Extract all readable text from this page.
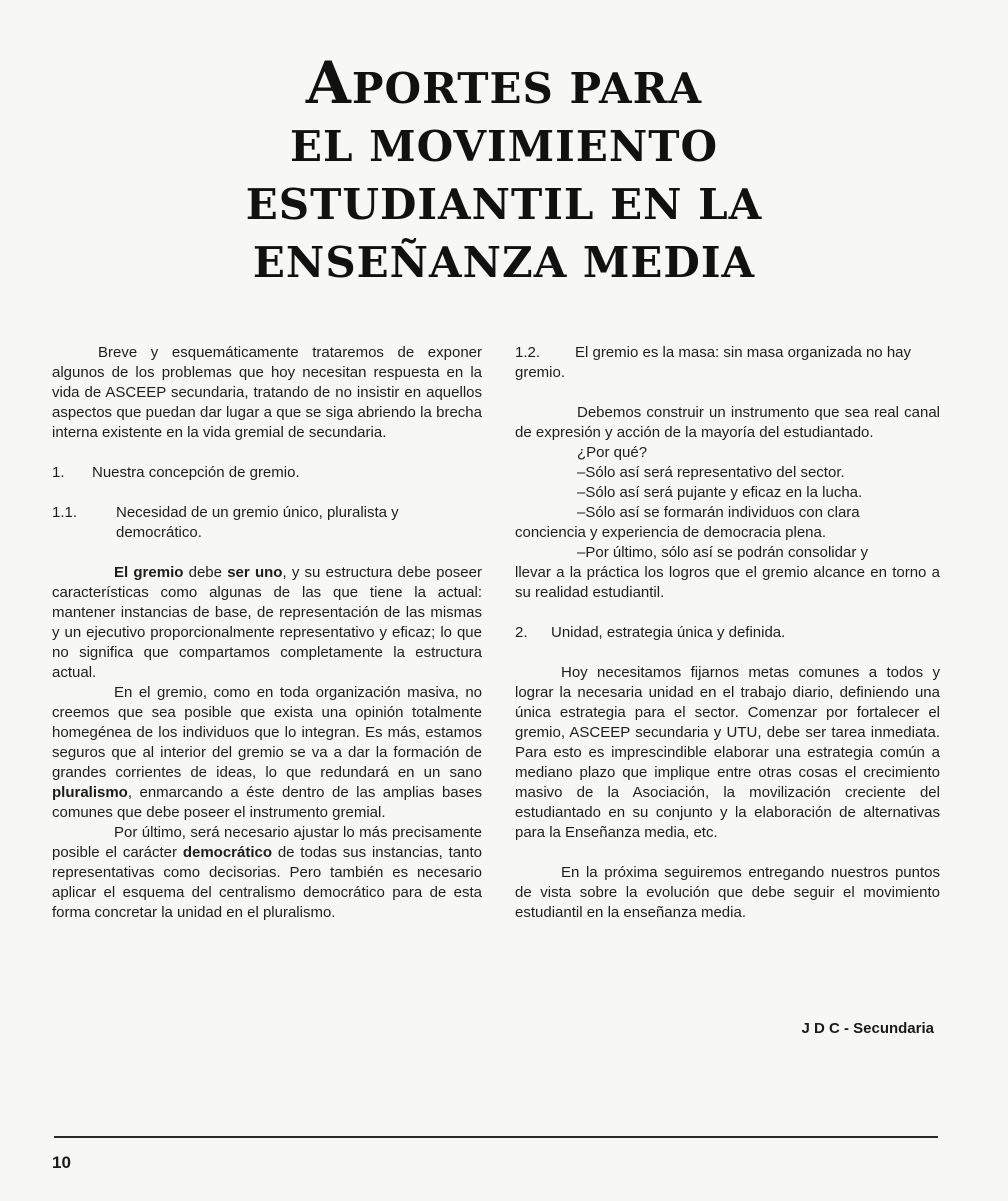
APORTES PARA
EL MOVIMIENTO
ESTUDIANTIL EN LA
ENSEÑANZA MEDIA

Breve y esquemáticamente trataremos de exponer algunos de los problemas que hoy necesitan respuesta en la vida de ASCEEP secundaria, tratando de no insistir en aquellos aspectos que puedan dar lugar a que se siga abriendo la brecha interna existente en la vida gremial de secundaria.

1.	Nuestra concepción de gremio.
1.1.	Necesidad de un gremio único, pluralista y democrático.

El gremio debe ser uno, y su estructura debe poseer características como algunas de las que tiene la actual: mantener instancias de base, de representación de las mismas y un ejecutivo proporcionalmente representativo y eficaz; lo que no significa que compartamos completamente la estructura actual.

En el gremio, como en toda organización masiva, no creemos que sea posible que exista una opinión totalmente homegénea de los individuos que lo integran. Es más, estamos seguros que al interior del gremio se va a dar la formación de grandes corrientes de ideas, lo que redundará en un sano pluralismo, enmarcando a éste dentro de las amplias bases comunes que debe poseer el instrumento gremial.

Por último, será necesario ajustar lo más precisamente posible el carácter democrático de todas sus instancias, tanto representativas como decisorias. Pero también es necesario aplicar el esquema del centralismo democrático para de esta forma concretar la unidad en el pluralismo.

1.2. El gremio es la masa: sin masa organizada no hay gremio.

Debemos construir un instrumento que sea real canal de expresión y acción de la mayoría del estudiantado.

¿Por qué?
–Sólo así será representativo del sector.
–Sólo así será pujante y eficaz en la lucha.
–Sólo así se formarán individuos con clara

conciencia y experiencia de democracia plena.

–Por último, sólo así se podrán consolidar y

llevar a la práctica los logros que el gremio alcance en torno a su realidad estudiantil.

2.	Unidad, estrategia única y definida.

Hoy necesitamos fijarnos metas comunes a todos y lograr la necesaria unidad en el trabajo diario, definiendo una única estrategia para el sector. Comenzar por fortalecer el gremio, ASCEEP secundaria y UTU, debe ser tarea inmediata. Para esto es imprescindible elaborar una estrategia común a mediano plazo que implique entre otras cosas el crecimiento masivo de la Asociación, la movilización creciente del estudiantado en su conjunto y la elaboración de alternativas para la Enseñanza media, etc.

En la próxima seguiremos entregando nuestros puntos de vista sobre la evolución que debe seguir el movimiento estudiantil en la enseñanza media.

J D C - Secundaria
10
